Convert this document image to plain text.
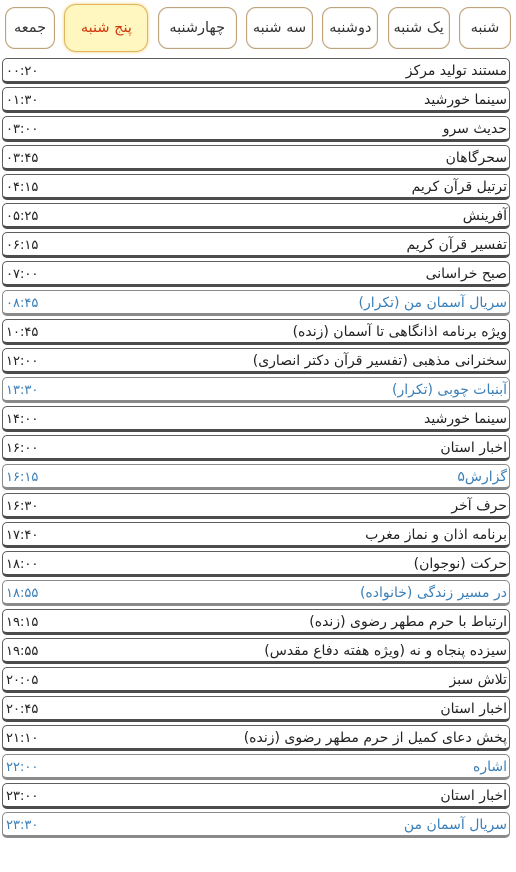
شنبه
یک شنبه
دوشنبه
سه شنبه
چهارشنبه
پنج شنبه
جمعه
۰۰:۲۰	مستند تولید مرکز
۰۱:۳۰	سینما خورشید
۰۳:۰۰	حدیث سرو
۰۳:۴۵	سحرگاهان
۰۴:۱۵	ترتیل قرآن کریم
۰۵:۲۵	آفرینش
۰۶:۱۵	تفسیر قرآن کریم
۰۷:۰۰	صبح خراسانی
۰۸:۴۵	سریال آسمان من (تکرار)
۱۰:۴۵	ویژه برنامه اذانگاهی تا آسمان (زنده)
۱۲:۰۰	سخنرانی مذهبی (تفسیر قرآن دکتر انصاری)
۱۳:۳۰	آبنبات چوبی (تکرار)
۱۴:۰۰	سینما خورشید
۱۶:۰۰	اخبار استان
۱۶:۱۵	گزارش۵
۱۶:۳۰	حرف آخر
۱۷:۴۰	برنامه اذان و نماز مغرب
۱۸:۰۰	حرکت (نوجوان)
۱۸:۵۵	در مسیر زندگی (خانواده)
۱۹:۱۵	ارتباط با حرم مطهر رضوی (زنده)
۱۹:۵۵	سیزده پنجاه و نه (ویژه هفته دفاع مقدس)
۲۰:۰۵	تلاش سبز
۲۰:۴۵	اخبار استان
۲۱:۱۰	پخش دعای کمیل از حرم مطهر رضوی (زنده)
۲۲:۰۰	اشاره
۲۳:۰۰	اخبار استان
۲۳:۳۰	سریال آسمان من
